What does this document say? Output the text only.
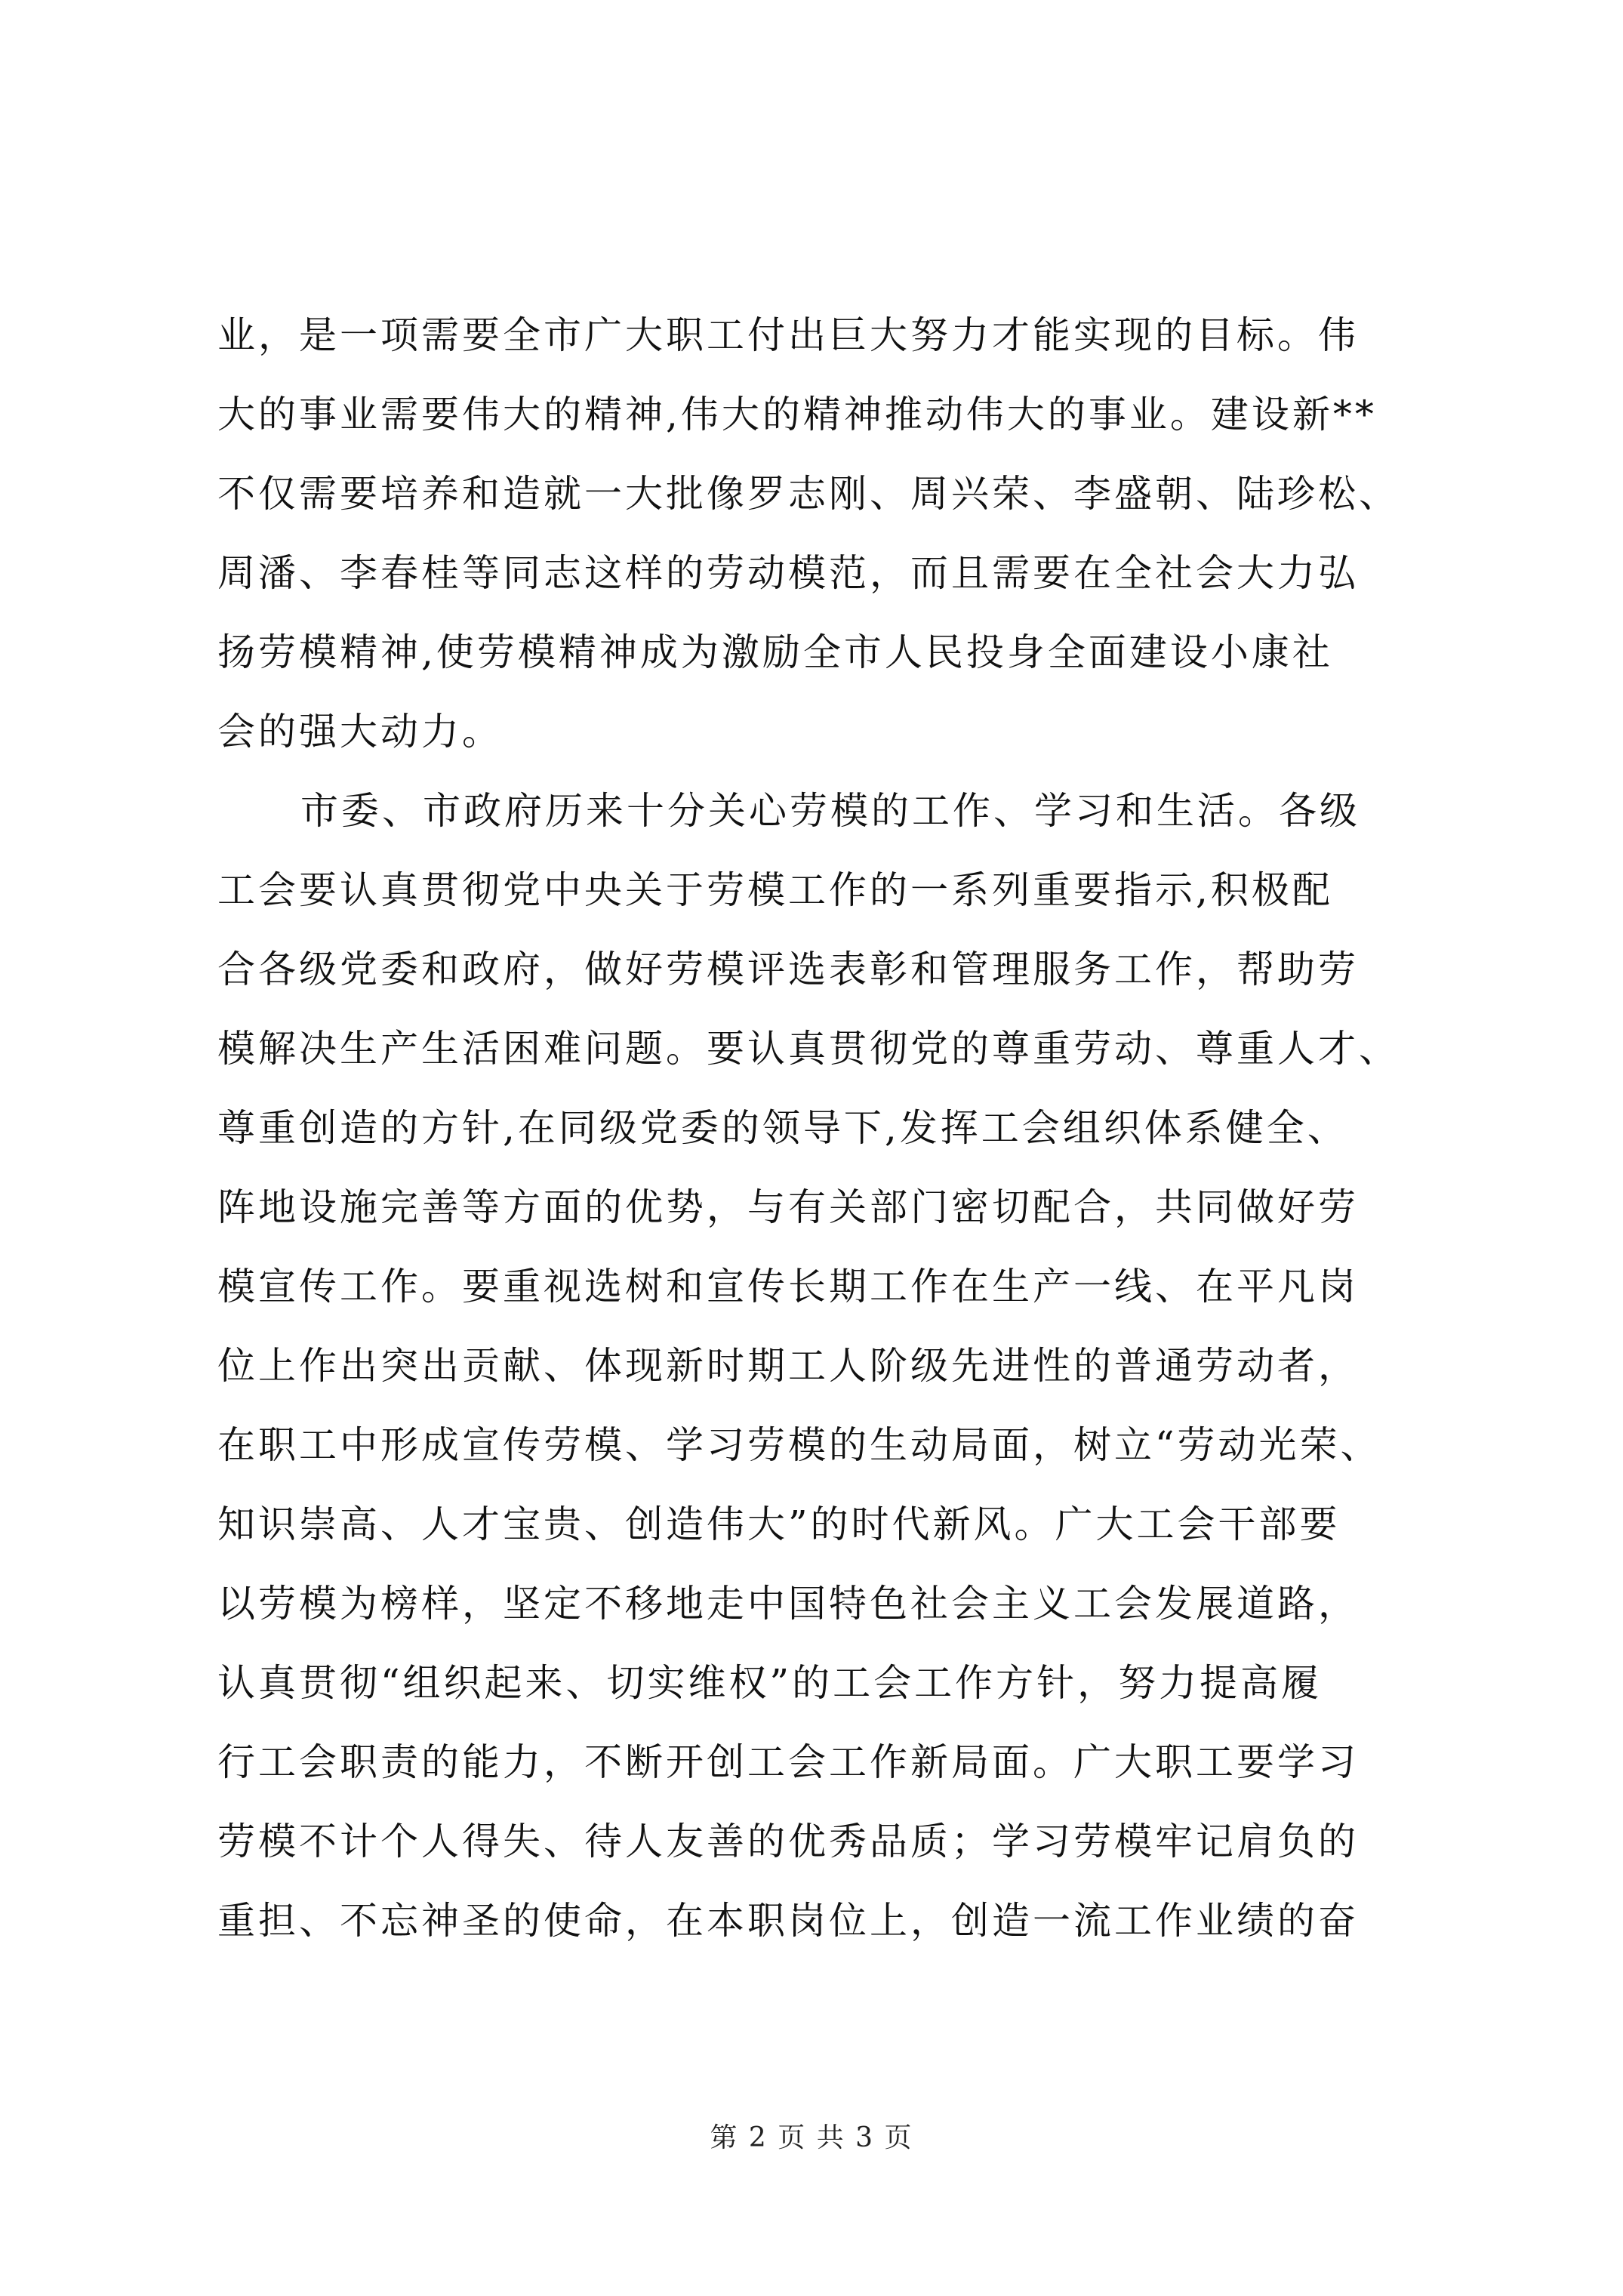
业，是一项需要全市广大职工付出巨大努力才能实现的目标。伟
大的事业需要伟大的精神,伟大的精神推动伟大的事业。建设新**
不仅需要培养和造就一大批像罗志刚、周兴荣、李盛朝、陆珍松、
周潘、李春桂等同志这样的劳动模范，而且需要在全社会大力弘
扬劳模精神,使劳模精神成为激励全市人民投身全面建设小康社
会的强大动力。
市委、市政府历来十分关心劳模的工作、学习和生活。各级
工会要认真贯彻党中央关于劳模工作的一系列重要指示,积极配
合各级党委和政府，做好劳模评选表彰和管理服务工作，帮助劳
模解决生产生活困难问题。要认真贯彻党的尊重劳动、尊重人才、
尊重创造的方针,在同级党委的领导下,发挥工会组织体系健全、
阵地设施完善等方面的优势，与有关部门密切配合，共同做好劳
模宣传工作。要重视选树和宣传长期工作在生产一线、在平凡岗
位上作出突出贡献、体现新时期工人阶级先进性的普通劳动者，
在职工中形成宣传劳模、学习劳模的生动局面，树立“劳动光荣、
知识崇高、人才宝贵、创造伟大”的时代新风。广大工会干部要
以劳模为榜样，坚定不移地走中国特色社会主义工会发展道路，
认真贯彻“组织起来、切实维权”的工会工作方针，努力提高履
行工会职责的能力，不断开创工会工作新局面。广大职工要学习
劳模不计个人得失、待人友善的优秀品质；学习劳模牢记肩负的
重担、不忘神圣的使命，在本职岗位上，创造一流工作业绩的奋
第 2 页 共 3 页
